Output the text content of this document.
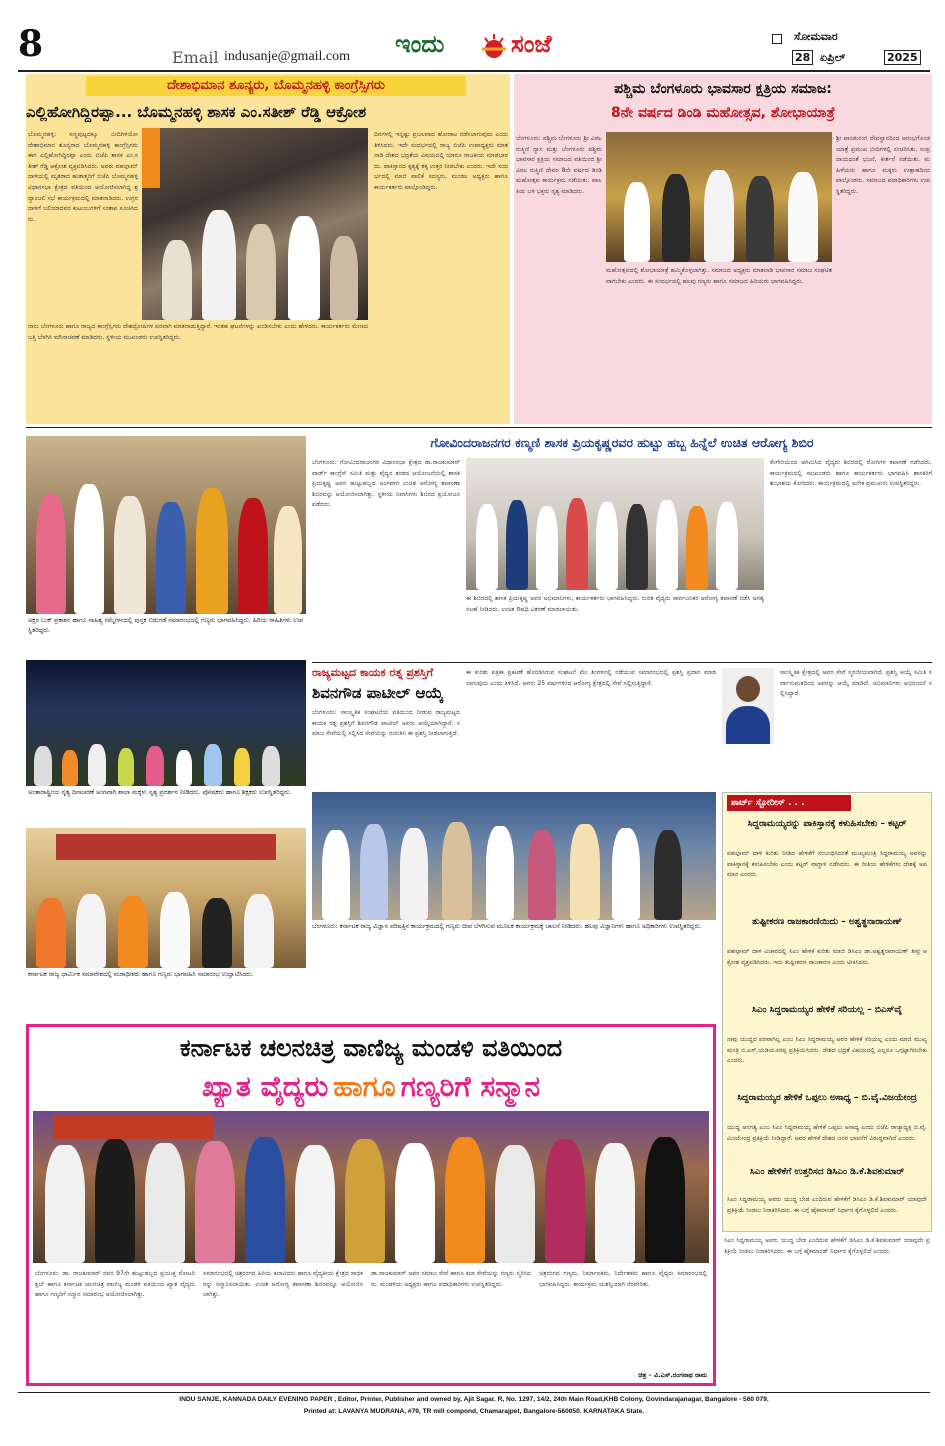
8	Email indusanje@gmail.com ಇಂದು	ಸಂಜೆ	ಸೋಮವಾರ
28 ಏಪ್ರಿಲ್	2025
ದೇಶಾಭಿಮಾನ ಶೂನ್ಯರು, ಬೊಮ್ಮನಹಳ್ಳಿ ಕಾಂಗ್ರೆಸ್ಸಿಗರು
ಎಲ್ಲಿಹೋಗಿದ್ದಿರಪ್ಪಾ... ಬೊಮ್ಮನಹಳ್ಳಿ ಶಾಸಕ ಎಂ.ಸತೀಶ್ ರೆಡ್ಡಿ ಆಕ್ರೋಶ
ಬೊಮ್ಮನಹಳ್ಳಿ: ಸಣ್ಣಪುಟ್ಟದಕ್ಕೂ ಬೀದಿಗಿಳಿಯೋ ದೇಶಾಭಿಮಾನ ಶೂನ್ಯರಾದ ಬೊಮ್ಮನಹಳ್ಳಿ ಕಾಂಗ್ರೆಸ್ಸಿಗರು ಈಗ ಎಲ್ಲಿಹೋಗಿದ್ದಿರಪ್ಪಾ ಎಂದು ಬಿಜೆಪಿ ಶಾಸಕ ಎಂ.ಸತೀಶ್ ರೆಡ್ಡಿ ಆಕ್ರೋಶ ವ್ಯಕ್ತಪಡಿಸಿದರು. ಅವರು ಪಹಲ್ಗಾಮ್ ದಾಳಿಯಲ್ಲಿ ಮೃತರಾದ ಹುತಾತ್ಮರಿಗೆ ಬಿಜೆಪಿ ಬೊಮ್ಮನಹಳ್ಳಿ ವಿಧಾನಸಭಾ ಕ್ಷೇತ್ರದ ವತಿಯಿಂದ ಆಯೋಜಿಸಲಾಗಿದ್ದ ಶ್ರದ್ಧಾಂಜಲಿ ಸಭೆ ಕಾರ್ಯಕ್ರಮದಲ್ಲಿ ಮಾತನಾಡಿದರು. ಉಗ್ರರ ದಾಳಿಗೆ ಬಲಿಯಾದವರ ಕುಟುಂಬಗಳಿಗೆ ಸಂತಾಪ ಸೂಚಿಸಿದರು.
ದಿನಗಳಲ್ಲಿ ಇನ್ನಷ್ಟು ಪ್ರಬಲವಾದ ಹೋರಾಟ ನಡೆಸಲಾಗುವುದು ಎಂದು ತಿಳಿಸಿದರು. ಇದೇ ಸಂದರ್ಭದಲ್ಲಿ ರಾಜ್ಯ ಬಿಜೆಪಿ ಉಪಾಧ್ಯಕ್ಷರು ಮಾತನಾಡಿ ದೇಶದ ಭದ್ರತೆಯ ವಿಷಯದಲ್ಲಿ ಯಾರೂ ರಾಜಕೀಯ ಮಾಡಬಾರದು. ಪಾಕಿಸ್ತಾನದ ಕೃತ್ಯಕ್ಕೆ ತಕ್ಕ ಉತ್ತರ ನೀಡಬೇಕು ಎಂದರು. ಇದೇ ಸಂದರ್ಭದಲ್ಲಿ ಮಾಜಿ ಪಾಲಿಕೆ ಸದಸ್ಯರು, ಮಂಡಲ ಅಧ್ಯಕ್ಷರು ಹಾಗೂ ಕಾರ್ಯಕರ್ತರು ಪಾಲ್ಗೊಂಡಿದ್ದರು.
ನಾನು ಬೆಂಗಳೂರು ಹಾಗೂ ರಾಜ್ಯದ ಕಾಂಗ್ರೆಸ್ಸಿಗರು ದೇಶದ್ರೋಹಿಗಳ ಪರವಾಗಿ ಮಾತನಾಡುತ್ತಿದ್ದಾರೆ. ಇಂತಹ ಘಟನೆಗಳನ್ನು ಖಂಡಿಸಬೇಕು ಎಂದು ಹೇಳಿದರು. ಕಾರ್ಯಕರ್ತರು ಮೇಣದ ಬತ್ತಿ ಬೆಳಗಿಸಿ ಮೌನಾಚರಣೆ ಮಾಡಿದರು. ಸ್ಥಳೀಯ ಮುಖಂಡರು ಉಪಸ್ಥಿತರಿದ್ದರು.
ಪಶ್ಚಿಮ ಬೆಂಗಳೂರು ಭಾವಸಾರ ಕ್ಷತ್ರಿಯ ಸಮಾಜ:
8ನೇ ವರ್ಷದ ಡಿಂಡಿ ಮಹೋತ್ಸವ, ಶೋಭಾಯಾತ್ರೆ
ಬೆಂಗಳೂರು: ಪಶ್ಚಿಮ ಬೆಂಗಳೂರು ಶ್ರೀ ವಿಠಲರುಕ್ಮಿಣಿ ನ್ಯಾಸ ಮತ್ತು ಬೆಂಗಳೂರು ಪಶ್ಚಿಮ ಭಾವಸಾರ ಕ್ಷತ್ರಿಯ ಸಮಾಜದ ವತಿಯಿಂದ ಶ್ರೀ ವಿಠಲ ರುಕ್ಮಿಣಿ ದೇವರ 8ನೇ ವರ್ಷದ ಡಿಂಡಿ ಮಹೋತ್ಸವ ಕಾರ್ಯಕ್ರಮ ನಡೆಯಿತು. ಪಾಲಕಿಯ ಬಳಿ ಭಕ್ತರು ನೃತ್ಯ ಮಾಡಿದರು.
ಮಹೋತ್ಸವದಲ್ಲಿ ಶೋಭಾಯಾತ್ರೆ ಹಮ್ಮಿಕೊಳ್ಳಲಾಗಿತ್ತು. ಸಮಾಜದ ಅಧ್ಯಕ್ಷರು ಮಾತನಾಡಿ ಭಾವಸಾರ ಸಮಾಜ ಸಂಘಟಿತವಾಗಬೇಕು ಎಂದರು. ಈ ಸಂದರ್ಭದಲ್ಲಿ ಹಲವು ಗಣ್ಯರು ಹಾಗೂ ಸಮಾಜದ ಹಿರಿಯರು ಭಾಗವಹಿಸಿದ್ದರು.
ಶ್ರೀ ಪಾಂಡುರಂಗ ದೇವಸ್ಥಾನದಿಂದ ಆರಂಭಗೊಂಡ ಯಾತ್ರೆ ಪ್ರಮುಖ ಬೀದಿಗಳಲ್ಲಿ ಸಂಚರಿಸಿತು. ಸಂಪ್ರದಾಯದಂತೆ ಭಜನೆ, ಕೀರ್ತನೆ ನಡೆಯಿತು. ಮಹಿಳೆಯರು ಹಾಗೂ ಮಕ್ಕಳು ಉತ್ಸಾಹದಿಂದ ಪಾಲ್ಗೊಂಡರು. ಸಮಾಜದ ಪದಾಧಿಕಾರಿಗಳು ಉಪಸ್ಥಿತರಿದ್ದರು.
ಅಕ್ಷರ ಬುಕ್ ಪ್ರಕಾಶನ ಹಾಗೂ ಸಾಹಿತ್ಯ ಸಮ್ಮೇಳನದಲ್ಲಿ ಪುಸ್ತಕ ಬಿಡುಗಡೆ ಸಮಾರಂಭದಲ್ಲಿ ಗಣ್ಯರು ಭಾಗವಹಿಸಿದ್ದರು. ಹಿರಿಯ ಸಾಹಿತಿಗಳು ಉಪಸ್ಥಿತರಿದ್ದರು.
ಅಂತಾರಾಷ್ಟ್ರೀಯ ನೃತ್ಯ ದಿನಾಚರಣೆ ಅಂಗವಾಗಿ ಶಾಲಾ ಮಕ್ಕಳು ನೃತ್ಯ ಪ್ರದರ್ಶನ ನೀಡಿದರು. ಪೋಷಕರು ಹಾಗೂ ಶಿಕ್ಷಕರು ಉಪಸ್ಥಿತರಿದ್ದರು.
ಕರ್ನಾಟಕ ರಾಜ್ಯ ಧಾರ್ಮಿಕ ಸಮಾವೇಶದಲ್ಲಿ ಮಠಾಧೀಶರು ಹಾಗೂ ಗಣ್ಯರು ಭಾಗವಹಿಸಿ ಸಮಾರಂಭ ಉದ್ಘಾಟಿಸಿದರು.
ಗೋವಿಂದರಾಜನಗರ ಕಣ್ಮಣಿ ಶಾಸಕ ಪ್ರಿಯಕೃಷ್ಣರವರ ಹುಟ್ಟು ಹಬ್ಬ ಹಿನ್ನೆಲೆ ಉಚಿತ ಆರೋಗ್ಯ ಶಿಬಿರ
ಬೆಂಗಳೂರು: ಗೋವಿಂದರಾಜನಗರ ವಿಧಾನಸಭಾ ಕ್ಷೇತ್ರದ ಡಾ.ರಾಜಕುಮಾರ್ ವಾರ್ಡ್ ಕಾಂಗ್ರೆಸ್ ಸಮಿತಿ ಮತ್ತು ವೈದ್ಯರ ತಂಡದ ಆಯೋಜನೆಯಲ್ಲಿ ಶಾಸಕ ಪ್ರಿಯಕೃಷ್ಣ ಅವರ ಹುಟ್ಟುಹಬ್ಬದ ಅಂಗವಾಗಿ ಉಚಿತ ಆರೋಗ್ಯ ತಪಾಸಣಾ ಶಿಬಿರವನ್ನು ಆಯೋಜಿಸಲಾಗಿತ್ತು. ಸ್ಥಳೀಯ ನಿವಾಸಿಗಳು ಶಿಬಿರದ ಪ್ರಯೋಜನ ಪಡೆದರು.
ಈ ಶಿಬಿರದಲ್ಲಿ ಶಾಸಕ ಪ್ರಿಯಕೃಷ್ಣ ಅವರ ಅಭಿಮಾನಿಗಳು, ಕಾರ್ಯಕರ್ತರು ಭಾಗವಹಿಸಿದ್ದರು. ನುರಿತ ವೈದ್ಯರು ಸಾರ್ವಜನಿಕರ ಆರೋಗ್ಯ ತಪಾಸಣೆ ನಡೆಸಿ ಅಗತ್ಯ ಸಲಹೆ ನೀಡಿದರು. ಉಚಿತ ಔಷಧಿ ವಿತರಣೆ ಮಾಡಲಾಯಿತು.
ಕೆಂಗೇರಿಯಿಂದ ಆಗಮಿಸಿದ ವೈದ್ಯರು ಶಿಬಿರದಲ್ಲಿ ರೋಗಿಗಳ ತಪಾಸಣೆ ನಡೆಸಿದರು. ಕಾರ್ಯಕ್ರಮದಲ್ಲಿ ಮುಖಂಡರು ಹಾಗೂ ಕಾರ್ಯಕರ್ತರು ಭಾಗವಹಿಸಿ ಶಾಸಕರಿಗೆ ಶುಭಾಶಯ ಕೋರಿದರು. ಕಾರ್ಯಕ್ರಮದಲ್ಲಿ ಅನೇಕ ಪ್ರಮುಖರು ಉಪಸ್ಥಿತರಿದ್ದರು.
ರಾಜ್ಯಮಟ್ಟದ ಕಾಯಕ ರತ್ನ ಪ್ರಶಸ್ತಿಗೆ
ಶಿವನಗೌಡ ಪಾಟೀಲ್ ಆಯ್ಕೆ
ಬೆಂಗಳೂರು: ಸಾಂಸ್ಕೃತಿಕ ಸಂಘಟನೆಯ ವತಿಯಿಂದ ನೀಡುವ ರಾಜ್ಯಮಟ್ಟದ ಕಾಯಕ ರತ್ನ ಪ್ರಶಸ್ತಿಗೆ ಶಿವನಗೌಡ ಪಾಟೀಲ್ ಅವರು ಆಯ್ಕೆಯಾಗಿದ್ದಾರೆ. ಸಮಾಜ ಸೇವೆಯಲ್ಲಿ ಸಲ್ಲಿಸಿದ ಸೇವೆಯನ್ನು ಗುರುತಿಸಿ ಈ ಪ್ರಶಸ್ತಿ ನೀಡಲಾಗುತ್ತಿದೆ.
ಈ ಕುರಿತು ಪತ್ರಿಕಾ ಪ್ರಕಟಣೆ ಹೊರಡಿಸಿರುವ ಸಂಘಟನೆ ಮೇ ತಿಂಗಳಿನಲ್ಲಿ ನಡೆಯುವ ಸಮಾರಂಭದಲ್ಲಿ ಪ್ರಶಸ್ತಿ ಪ್ರದಾನ ಮಾಡಲಾಗುವುದು ಎಂದು ತಿಳಿಸಿದೆ. ಅವರು 25 ವರ್ಷಗಳಿಂದ ಆರೋಗ್ಯ ಕ್ಷೇತ್ರದಲ್ಲಿ ಸೇವೆ ಸಲ್ಲಿಸುತ್ತಿದ್ದಾರೆ.
ಸಾಂಸ್ಕೃತಿಕ ಕ್ಷೇತ್ರದಲ್ಲಿ ಅವರ ಸೇವೆ ಸ್ಮರಣೀಯವಾಗಿದೆ. ಪ್ರಶಸ್ತಿ ಆಯ್ಕೆ ಸಮಿತಿ ಸರ್ವಾನುಮತದಿಂದ ಅವರನ್ನು ಆಯ್ಕೆ ಮಾಡಿದೆ. ಅಭಿಮಾನಿಗಳು ಅಭಿನಂದನೆ ಸಲ್ಲಿಸಿದ್ದಾರೆ.
ಬೆಂಗಳೂರು: ಕರ್ನಾಟಕ ರಾಜ್ಯ ವಿಜ್ಞಾನ ಪರಿಷತ್ತಿನ ಕಾರ್ಯಕ್ರಮದಲ್ಲಿ ಗಣ್ಯರು ದೀಪ ಬೆಳಗಿಸುವ ಮೂಲಕ ಕಾರ್ಯಕ್ರಮಕ್ಕೆ ಚಾಲನೆ ನೀಡಿದರು. ಹಲವು ವಿಜ್ಞಾನಿಗಳು ಹಾಗೂ ಅಧಿಕಾರಿಗಳು ಉಪಸ್ಥಿತರಿದ್ದರು.
ಶಾರ್ಟ್ ಸ್ಟೋರೀಸ್ . . .
ಸಿದ್ದರಾಮಯ್ಯರನ್ನು ಪಾಕಿಸ್ತಾನಕ್ಕೆ ಕಳುಹಿಸಬೇಕು – ಕಟ್ಟರ್
ಪಹಲ್ಗಾಮ್ ದಾಳಿ ಕುರಿತು ನೀಡಿದ ಹೇಳಿಕೆಗೆ ಸಂಬಂಧಿಸಿದಂತೆ ಮುಖ್ಯಮಂತ್ರಿ ಸಿದ್ದರಾಮಯ್ಯ ಅವರನ್ನು ಪಾಕಿಸ್ತಾನಕ್ಕೆ ಕಳುಹಿಸಬೇಕು ಎಂದು ಕಟ್ಟರ್ ವಾಗ್ದಾಳಿ ನಡೆಸಿದರು. ಈ ರೀತಿಯ ಹೇಳಿಕೆಗಳು ದೇಶಕ್ಕೆ ಅಪಮಾನ ಎಂದರು.
ತುಷ್ಟೀಕರಣ ರಾಜಕಾರಣಿಯಿದು – ಅಶ್ವತ್ಥನಾರಾಯಣ್
ಪಹಲ್ಗಾಮ್ ದಾಳಿ ವಿಚಾರದಲ್ಲಿ ಸಿಎಂ ಹೇಳಿಕೆ ಕುರಿತು ಮಾಜಿ ಡಿಸಿಎಂ ಡಾ.ಅಶ್ವತ್ಥನಾರಾಯಣ್ ತೀವ್ರ ಆಕ್ರೋಶ ವ್ಯಕ್ತಪಡಿಸಿದರು. ಇದು ತುಷ್ಟೀಕರಣ ರಾಜಕಾರಣ ಎಂದು ಟೀಕಿಸಿದರು.
ಸಿಎಂ ಸಿದ್ದರಾಮಯ್ಯರ ಹೇಳಿಕೆ ಸರಿಯಲ್ಲ – ಬಿಎಸ್‌ವೈ
ನಾವು ಯುದ್ಧದ ಪರವಾಗಿಲ್ಲ ಎಂಬ ಸಿಎಂ ಸಿದ್ದರಾಮಯ್ಯ ಅವರ ಹೇಳಿಕೆ ಸರಿಯಲ್ಲ ಎಂದು ಮಾಜಿ ಮುಖ್ಯಮಂತ್ರಿ ಬಿ.ಎಸ್.ಯಡಿಯೂರಪ್ಪ ಪ್ರತಿಕ್ರಿಯಿಸಿದರು. ದೇಶದ ಭದ್ರತೆ ವಿಷಯದಲ್ಲಿ ಎಲ್ಲರೂ ಒಗ್ಗಟ್ಟಾಗಿರಬೇಕು ಎಂದರು.
ಸಿದ್ದರಾಮಯ್ಯರ ಹೇಳಿಕೆ ಒಪ್ಪಲು ಅಸಾಧ್ಯ – ಬಿ.ವೈ.ವಿಜಯೇಂದ್ರ
ಯುದ್ಧ ಅನಗತ್ಯ ಎಂಬ ಸಿಎಂ ಸಿದ್ದರಾಮಯ್ಯ ಹೇಳಿಕೆ ಒಪ್ಪಲು ಅಸಾಧ್ಯ ಎಂದು ಬಿಜೆಪಿ ರಾಜ್ಯಾಧ್ಯಕ್ಷ ಬಿ.ವೈ.ವಿಜಯೇಂದ್ರ ಪ್ರತಿಕ್ರಿಯೆ ನೀಡಿದ್ದಾರೆ. ಅವರ ಹೇಳಿಕೆ ದೇಶದ ಜನರ ಭಾವನೆಗೆ ವಿರುದ್ಧವಾಗಿದೆ ಎಂದರು.
ಸಿಎಂ ಹೇಳಿಕೆಗೆ ಉತ್ತರಿಸದ ಡಿಸಿಎಂ ಡಿ.ಕೆ.ಶಿವಕುಮಾರ್
ಸಿಎಂ ಸಿದ್ದರಾಮಯ್ಯ ಅವರು ಯುದ್ಧ ಬೇಡ ಎಂದಿರುವ ಹೇಳಿಕೆಗೆ ಡಿಸಿಎಂ ಡಿ.ಕೆ.ಶಿವಕುಮಾರ್ ಯಾವುದೇ ಪ್ರತಿಕ್ರಿಯೆ ನೀಡಲು ನಿರಾಕರಿಸಿದರು. ಈ ಬಗ್ಗೆ ಹೈಕಮಾಂಡ್ ನಿರ್ಧಾರ ಕೈಗೊಳ್ಳಲಿದೆ ಎಂದರು.
ಕರ್ನಾಟಕ ಚಲನಚಿತ್ರ ವಾಣಿಜ್ಯ ಮಂಡಳಿ ವತಿಯಿಂದ
ಖ್ಯಾತ ವೈದ್ಯರು ಹಾಗೂ ಗಣ್ಯರಿಗೆ ಸನ್ಮಾನ
ಬೆಂಗಳೂರು: ಡಾ. ರಾಜಕುಮಾರ್ ರವರ 97ನೇ ಹುಟ್ಟುಹಬ್ಬದ ಪ್ರಯುಕ್ತ ರೋಟರಿ ಕ್ಲಬ್ ಹಾಗೂ ಕರ್ನಾಟಕ ಚಲನಚಿತ್ರ ವಾಣಿಜ್ಯ ಮಂಡಳಿ ವತಿಯಿಂದ ಖ್ಯಾತ ವೈದ್ಯರು ಹಾಗೂ ಗಣ್ಯರಿಗೆ ಸನ್ಮಾನ ಸಮಾರಂಭ ಆಯೋಜಿಸಲಾಗಿತ್ತು.
ಸಮಾರಂಭದಲ್ಲಿ ಚಿತ್ರರಂಗದ ಹಿರಿಯ ಕಲಾವಿದರು ಹಾಗೂ ವೈದ್ಯಕೀಯ ಕ್ಷೇತ್ರದ ಸಾಧಕರನ್ನು ಸನ್ಮಾನಿಸಲಾಯಿತು. ಉಚಿತ ಆರೋಗ್ಯ ತಪಾಸಣಾ ಶಿಬಿರವನ್ನೂ ಆಯೋಜಿಸಲಾಗಿತ್ತು.
ಡಾ.ರಾಜಕುಮಾರ್ ಅವರ ಸಮಾಜ ಸೇವೆ ಹಾಗೂ ಕಲಾ ಸೇವೆಯನ್ನು ಗಣ್ಯರು ಸ್ಮರಿಸಿದರು. ಮಂಡಳಿಯ ಅಧ್ಯಕ್ಷರು ಹಾಗೂ ಪದಾಧಿಕಾರಿಗಳು ಉಪಸ್ಥಿತರಿದ್ದರು.
ಚಿತ್ರರಂಗದ ಗಣ್ಯರು, ನಿರ್ಮಾಪಕರು, ನಿರ್ದೇಶಕರು ಹಾಗೂ ವೈದ್ಯರು ಸಮಾರಂಭದಲ್ಲಿ ಭಾಗವಹಿಸಿದ್ದರು. ಕಾರ್ಯಕ್ರಮ ಯಶಸ್ವಿಯಾಗಿ ನೆರವೇರಿತು.
ಚಿತ್ರ – ವಿ.ಎಸ್.ರಂಗನಾಥ ರಾಮ
ಸಿಎಂ ಸಿದ್ದರಾಮಯ್ಯ ಅವರು ಯುದ್ಧ ಬೇಡ ಎಂದಿರುವ ಹೇಳಿಕೆಗೆ ಡಿಸಿಎಂ ಡಿ.ಕೆ.ಶಿವಕುಮಾರ್ ಯಾವುದೇ ಪ್ರತಿಕ್ರಿಯೆ ನೀಡಲು ನಿರಾಕರಿಸಿದರು. ಈ ಬಗ್ಗೆ ಹೈಕಮಾಂಡ್ ನಿರ್ಧಾರ ಕೈಗೊಳ್ಳಲಿದೆ ಎಂದರು.
INDU SANJE, KANNADA DAILY EVENING PAPER , Editor, Printer, Publisher and owned by, Ajit Sagar. R, No. 1297, 14/2, 24th Main Road,KHB Colony, Govindarajanagar, Bangalore - 560 079.
Printed at: LAVANYA MUDRANA, #79, TR mill compond, Chamarajpet, Bangalore-560050. KARNATAKA State.
